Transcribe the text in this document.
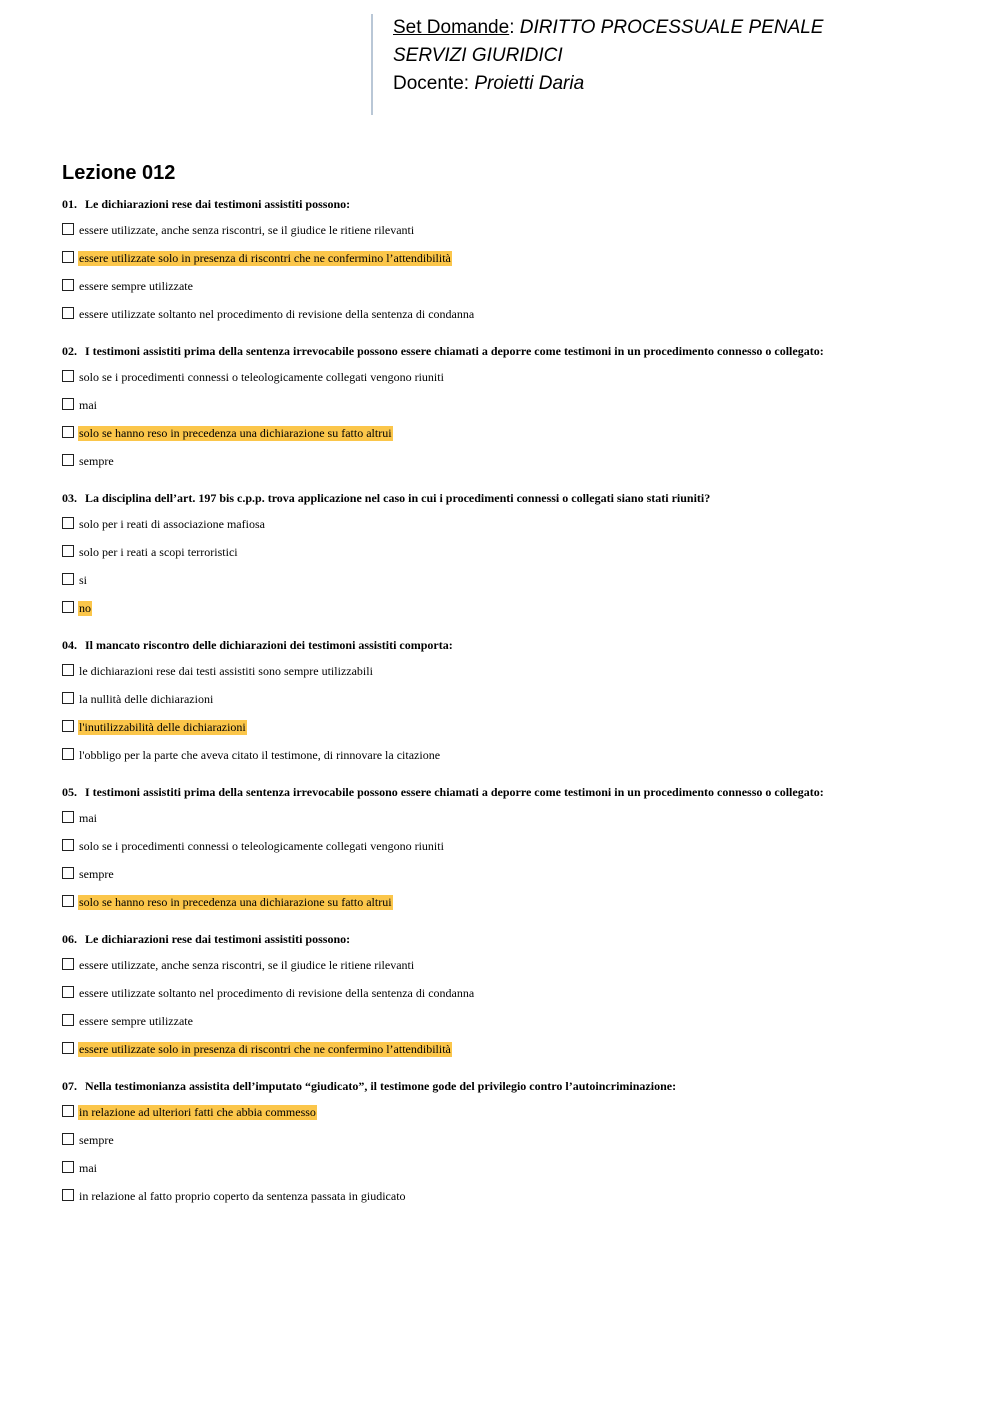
Set Domande: DIRITTO PROCESSUALE PENALE
SERVIZI GIURIDICI
Docente: Proietti Daria
Lezione 012
01. Le dichiarazioni rese dai testimoni assistiti possono:
essere utilizzate, anche senza riscontri, se il giudice le ritiene rilevanti
essere utilizzate solo in presenza di riscontri che ne confermino l’attendibilità
essere sempre utilizzate
essere utilizzate soltanto nel procedimento di revisione della sentenza di condanna
02. I testimoni assistiti prima della sentenza irrevocabile possono essere chiamati a deporre come testimoni in un procedimento connesso o collegato:
solo se i procedimenti connessi o teleologicamente collegati vengono riuniti
mai
solo se hanno reso in precedenza una dichiarazione su fatto altrui
sempre
03. La disciplina dell’art. 197 bis c.p.p. trova applicazione nel caso in cui i procedimenti connessi o collegati siano stati riuniti?
solo per i reati di associazione mafiosa
solo per i reati a scopi terroristici
si
no
04. Il mancato riscontro delle dichiarazioni dei testimoni assistiti comporta:
le dichiarazioni rese dai testi assistiti sono sempre utilizzabili
la nullità delle dichiarazioni
l'inutilizzabilità delle dichiarazioni
l'obbligo per la parte che aveva citato il testimone, di rinnovare la citazione
05. I testimoni assistiti prima della sentenza irrevocabile possono essere chiamati a deporre come testimoni in un procedimento connesso o collegato:
mai
solo se i procedimenti connessi o teleologicamente collegati vengono riuniti
sempre
solo se hanno reso in precedenza una dichiarazione su fatto altrui
06. Le dichiarazioni rese dai testimoni assistiti possono:
essere utilizzate, anche senza riscontri, se il giudice le ritiene rilevanti
essere utilizzate soltanto nel procedimento di revisione della sentenza di condanna
essere sempre utilizzate
essere utilizzate solo in presenza di riscontri che ne confermino l’attendibilità
07. Nella testimonianza assistita dell’imputato “giudicato”, il testimone gode del privilegio contro l’autoincriminazione:
in relazione ad ulteriori fatti che abbia commesso
sempre
mai
in relazione al fatto proprio coperto da sentenza passata in giudicato
